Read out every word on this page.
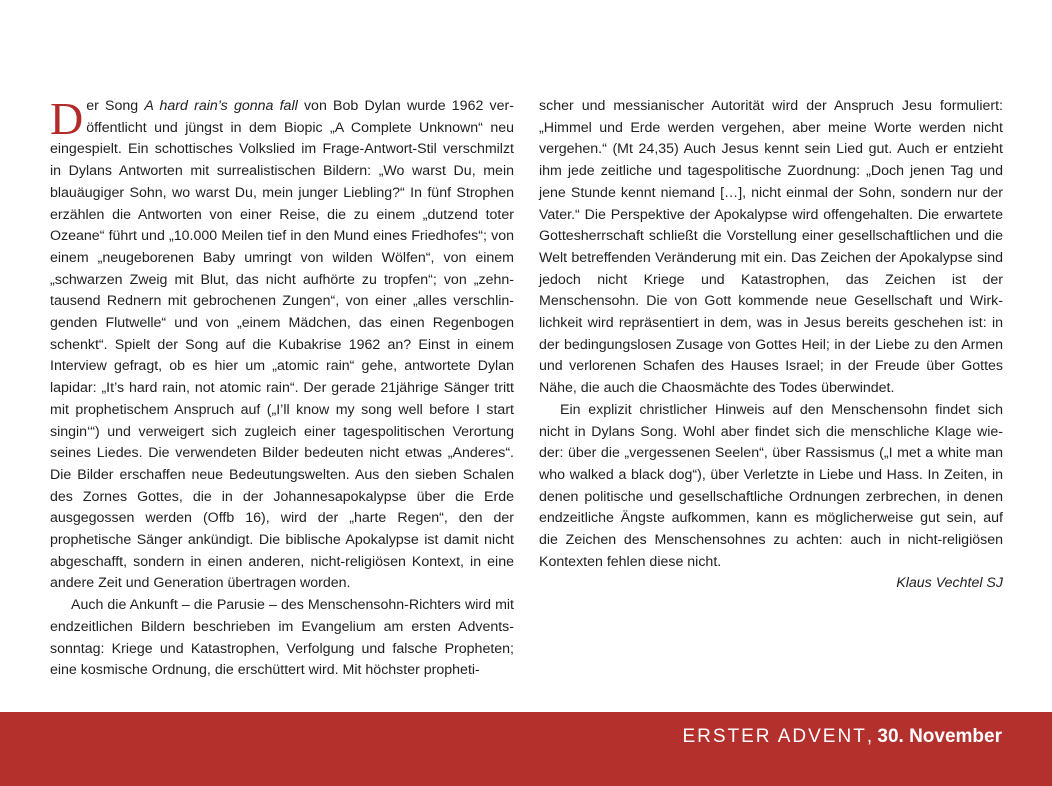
Der Song A hard rain’s gonna fall von Bob Dylan wurde 1962 veröffentlicht und jüngst in dem Biopic „A Complete Unknown“ neu eingespielt. Ein schottisches Volkslied im Frage-Antwort-Stil verschmilzt in Dylans Antworten mit surrealistischen Bildern: „Wo warst Du, mein blauäugiger Sohn, wo warst Du, mein junger Liebling?“ In fünf Strophen erzählen die Antworten von einer Reise, die zu einem „dutzend toter Ozeane“ führt und „10.000 Meilen tief in den Mund eines Friedhofes“; von einem „neugeborenen Baby umringt von wilden Wölfen“, von einem „schwarzen Zweig mit Blut, das nicht aufhörte zu tropfen“; von „zehntausend Rednern mit gebrochenen Zungen“, von einer „alles verschlingenden Flutwelle“ und von „einem Mädchen, das einen Regenbogen schenkt“. Spielt der Song auf die Kubakrise 1962 an? Einst in einem Interview gefragt, ob es hier um „atomic rain“ gehe, antwortete Dylan lapidar: „It’s hard rain, not atomic rain“. Der gerade 21jährige Sänger tritt mit prophetischem Anspruch auf („I’ll know my song well before I start singin‘“) und verweigert sich zugleich einer tagespolitischen Verortung seines Liedes. Die verwendeten Bilder bedeuten nicht etwas „Anderes“. Die Bilder erschaffen neue Bedeutungswelten. Aus den sieben Schalen des Zornes Gottes, die in der Johannesapokalypse über die Erde ausgegossen werden (Offb 16), wird der „harte Regen“, den der prophetische Sänger ankündigt. Die biblische Apokalypse ist damit nicht abgeschafft, sondern in einen anderen, nicht-religiösen Kontext, in eine andere Zeit und Generation übertragen worden.

Auch die Ankunft – die Parusie – des Menschensohn-Richters wird mit endzeitlichen Bildern beschrieben im Evangelium am ersten Adventssonntag: Kriege und Katastrophen, Verfolgung und falsche Propheten; eine kosmische Ordnung, die erschüttert wird. Mit höchster propheti-

scher und messianischer Autorität wird der Anspruch Jesu formuliert: „Himmel und Erde werden vergehen, aber meine Worte werden nicht vergehen.“ (Mt 24,35) Auch Jesus kennt sein Lied gut. Auch er entzieht ihm jede zeitliche und tagespolitische Zuordnung: „Doch jenen Tag und jene Stunde kennt niemand […], nicht einmal der Sohn, sondern nur der Vater.“ Die Perspektive der Apokalypse wird offengehalten. Die erwartete Gottesherrschaft schließt die Vorstellung einer gesellschaftlichen und die Welt betreffenden Veränderung mit ein. Das Zeichen der Apokalypse sind jedoch nicht Kriege und Katastrophen, das Zeichen ist der Menschensohn. Die von Gott kommende neue Gesellschaft und Wirklichkeit wird repräsentiert in dem, was in Jesus bereits geschehen ist: in der bedingungslosen Zusage von Gottes Heil; in der Liebe zu den Armen und verlorenen Schafen des Hauses Israel; in der Freude über Gottes Nähe, die auch die Chaosmächte des Todes überwindet.

Ein explizit christlicher Hinweis auf den Menschensohn findet sich nicht in Dylans Song. Wohl aber findet sich die menschliche Klage wieder: über die „vergessenen Seelen“, über Rassismus („I met a white man who walked a black dog“), über Verletzte in Liebe und Hass. In Zeiten, in denen politische und gesellschaftliche Ordnungen zerbrechen, in denen endzeitliche Ängste aufkommen, kann es möglicherweise gut sein, auf die Zeichen des Menschensohnes zu achten: auch in nicht-religiösen Kontexten fehlen diese nicht.

Klaus Vechtel SJ

ERSTER ADVENT, 30. November
